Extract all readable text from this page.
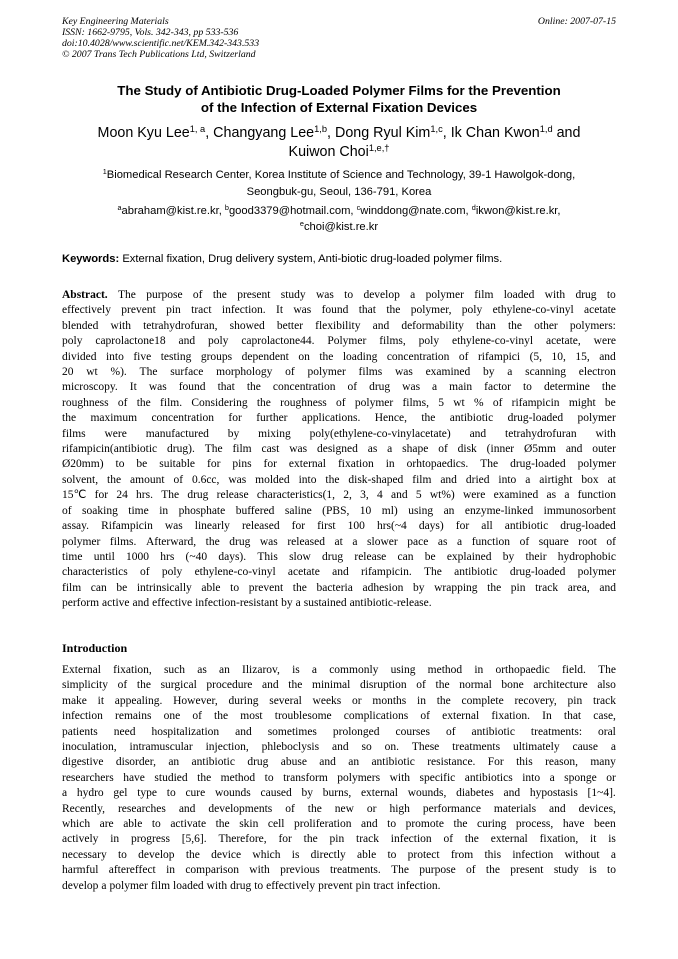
Key Engineering Materials
ISSN: 1662-9795, Vols. 342-343, pp 533-536
doi:10.4028/www.scientific.net/KEM.342-343.533
© 2007 Trans Tech Publications Ltd, Switzerland
Online: 2007-07-15
The Study of Antibiotic Drug-Loaded Polymer Films for the Prevention
of the Infection of External Fixation Devices
Moon Kyu Lee$^{1, a}$, Changyang Lee$^{1,b}$, Dong Ryul Kim$^{1,c}$, Ik Chan Kwon$^{1,d}$ and
Kuiwon Choi$^{1,e,\dagger}$
$^1$Biomedical Research Center, Korea Institute of Science and Technology, 39-1 Hawolgok-dong,
Seongbuk-gu, Seoul, 136-791, Korea
$^a$abraham@kist.re.kr, $^b$good3379@hotmail.com, $^c$winddong@nate.com, $^d$ikwon@kist.re.kr,
$^e$choi@kist.re.kr
Keywords: External fixation, Drug delivery system, Anti-biotic drug-loaded polymer films.
Abstract. The purpose of the present study was to develop a polymer film loaded with drug to
effectively prevent pin tract infection. It was found that the polymer, poly ethylene-co-vinyl acetate
blended with tetrahydrofuran, showed better flexibility and deformability than the other polymers:
poly caprolactone18 and poly caprolactone44. Polymer films, poly ethylene-co-vinyl acetate, were
divided into five testing groups dependent on the loading concentration of rifampici (5, 10, 15, and
20 wt %). The surface morphology of polymer films was examined by a scanning electron
microscopy. It was found that the concentration of drug was a main factor to determine the
roughness of the film. Considering the roughness of polymer films, 5 wt % of rifampicin might be
the maximum concentration for further applications. Hence, the antibiotic drug-loaded polymer
films were manufactured by mixing poly(ethylene-co-vinylacetate) and tetrahydrofuran with
rifampicin(antibiotic drug). The film cast was designed as a shape of disk (inner Ø5mm and outer
Ø20mm) to be suitable for pins for external fixation in orhtopaedics. The drug-loaded polymer
solvent, the amount of 0.6cc, was molded into the disk-shaped film and dried into a airtight box at
15℃ for 24 hrs. The drug release characteristics(1, 2, 3, 4 and 5 wt%) were examined as a function
of soaking time in phosphate buffered saline (PBS, 10 ml) using an enzyme-linked immunosorbent
assay. Rifampicin was linearly released for first 100 hrs(~4 days) for all antibiotic drug-loaded
polymer films. Afterward, the drug was released at a slower pace as a function of square root of
time until 1000 hrs (~40 days). This slow drug release can be explained by their hydrophobic
characteristics of poly ethylene-co-vinyl acetate and rifampicin. The antibiotic drug-loaded polymer
film can be intrinsically able to prevent the bacteria adhesion by wrapping the pin track area, and
perform active and effective infection-resistant by a sustained antibiotic-release.
Introduction
External fixation, such as an Ilizarov, is a commonly using method in orthopaedic field. The
simplicity of the surgical procedure and the minimal disruption of the normal bone architecture also
make it appealing. However, during several weeks or months in the complete recovery, pin track
infection remains one of the most troublesome complications of external fixation. In that case,
patients need hospitalization and sometimes prolonged courses of antibiotic treatments: oral
inoculation, intramuscular injection, phleboclysis and so on. These treatments ultimately cause a
digestive disorder, an antibiotic drug abuse and an antibiotic resistance. For this reason, many
researchers have studied the method to transform polymers with specific antibiotics into a sponge or
a hydro gel type to cure wounds caused by burns, external wounds, diabetes and hypostasis [1~4].
Recently, researches and developments of the new or high performance materials and devices,
which are able to activate the skin cell proliferation and to promote the curing process, have been
actively in progress [5,6]. Therefore, for the pin track infection of the external fixation, it is
necessary to develop the device which is directly able to protect from this infection without a
harmful aftereffect in comparison with previous treatments. The purpose of the present study is to
develop a polymer film loaded with drug to effectively prevent pin tract infection.
